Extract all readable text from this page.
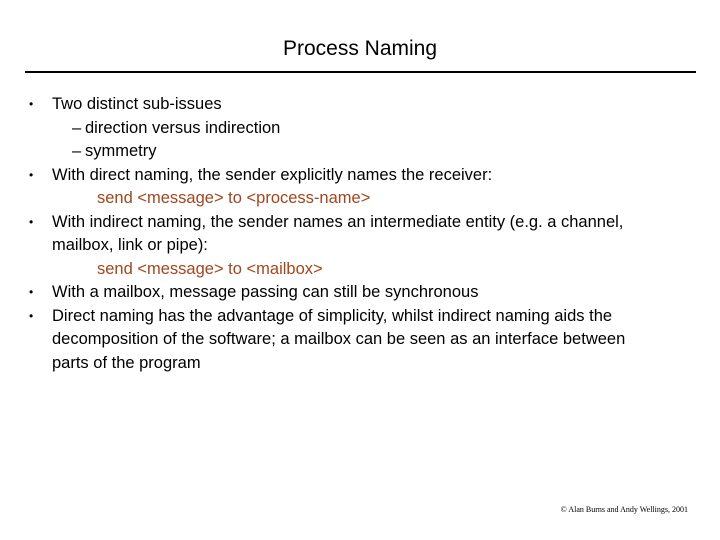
Process Naming
•	Two distinct sub-issues
– direction versus indirection
– symmetry
•	With direct naming, the sender explicitly names the receiver:
send <message> to <process-name>
•	With indirect naming, the sender names an intermediate entity (e.g. a channel,
mailbox, link or pipe):
send <message> to <mailbox>
•	With a mailbox, message passing can still be synchronous
•	Direct naming has the advantage of simplicity, whilst indirect naming aids the
decomposition of the software; a mailbox can be seen as an interface between
parts of the program
© Alan Burns and Andy Wellings, 2001
